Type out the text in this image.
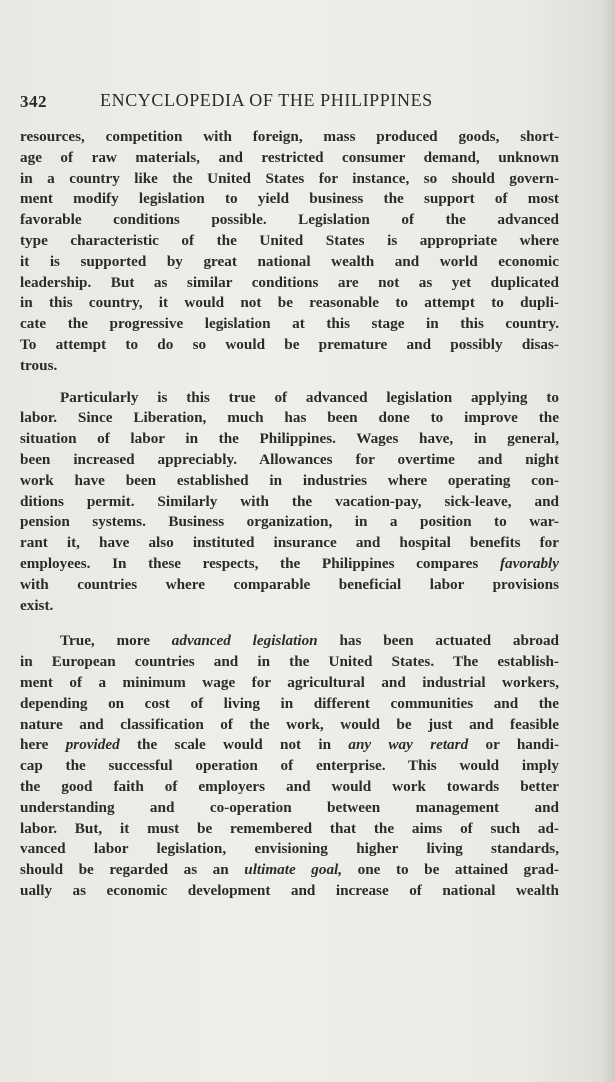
342	ENCYCLOPEDIA OF THE PHILIPPINES

resources, competition with foreign, mass produced goods, short-
age of raw materials, and restricted consumer demand, unknown
in a country like the United States for instance, so should govern-
ment modify legislation to yield business the support of most
favorable conditions possible. Legislation of the advanced
type characteristic of the United States is appropriate where
it is supported by great national wealth and world economic
leadership. But as similar conditions are not as yet duplicated
in this country, it would not be reasonable to attempt to dupli-
cate the progressive legislation at this stage in this country.
To attempt to do so would be premature and possibly disas-
trous.

Particularly is this true of advanced legislation applying to
labor. Since Liberation, much has been done to improve the
situation of labor in the Philippines. Wages have, in general,
been increased appreciably. Allowances for overtime and night
work have been established in industries where operating con-
ditions permit. Similarly with the vacation-pay, sick-leave, and
pension systems. Business organization, in a position to war-
rant it, have also instituted insurance and hospital benefits for
employees. In these respects, the Philippines compares favorably
with countries where comparable beneficial labor provisions
exist.

True, more advanced legislation has been actuated abroad
in European countries and in the United States. The establish-
ment of a minimum wage for agricultural and industrial workers,
depending on cost of living in different communities and the
nature and classification of the work, would be just and feasible
here provided the scale would not in any way retard or handi-
cap the successful operation of enterprise. This would imply
the good faith of employers and would work towards better
understanding and co-operation between management and
labor. But, it must be remembered that the aims of such ad-
vanced labor legislation, envisioning higher living standards,
should be regarded as an ultimate goal, one to be attained grad-
ually as economic development and increase of national wealth
